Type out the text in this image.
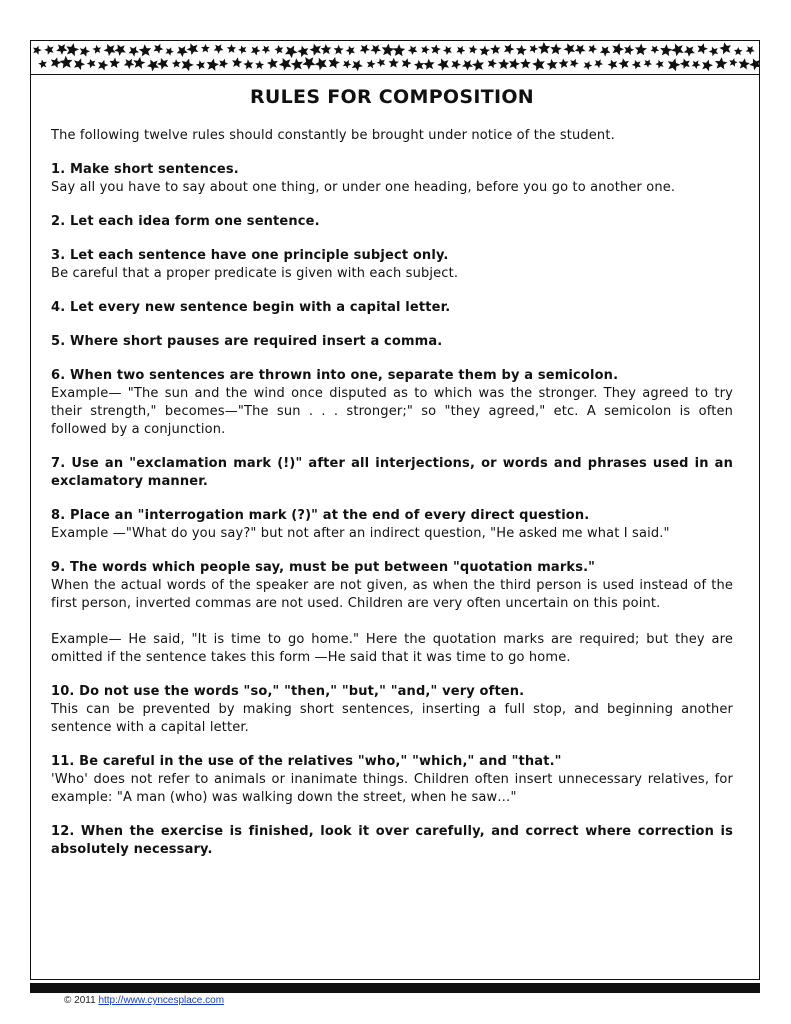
RULES FOR COMPOSITION
The following twelve rules should constantly be brought under notice of the student.
1. Make short sentences.
Say all you have to say about one thing, or under one heading, before you go to another one.
2. Let each idea form one sentence.
3. Let each sentence have one principle subject only.
Be careful that a proper predicate is given with each subject.
4. Let every new sentence begin with a capital letter.
5. Where short pauses are required insert a comma.
6. When two sentences are thrown into one, separate them by a semicolon.
Example— "The sun and the wind once disputed as to which was the stronger. They agreed to try their strength," becomes—"The sun . . . stronger;" so "they agreed," etc. A semicolon is often followed by a conjunction.
7. Use an "exclamation mark (!)" after all interjections, or words and phrases used in an exclamatory manner.
8. Place an "interrogation mark (?)" at the end of every direct question.
Example —"What do you say?" but not after an indirect question, "He asked me what I said."
9. The words which people say, must be put between "quotation marks."
When the actual words of the speaker are not given, as when the third person is used instead of the first person, inverted commas are not used. Children are very often uncertain on this point.
Example— He said, "It is time to go home." Here the quotation marks are required; but they are omitted if the sentence takes this form —He said that it was time to go home.
10. Do not use the words "so," "then," "but," "and," very often.
This can be prevented by making short sentences, inserting a full stop, and beginning another sentence with a capital letter.
11. Be careful in the use of the relatives "who," "which," and "that."
'Who' does not refer to animals or inanimate things. Children often insert unnecessary relatives, for example: "A man (who) was walking down the street, when he saw…"
12. When the exercise is finished, look it over carefully, and correct where correction is absolutely necessary.
© 2011 http://www.cyncesplace.com
